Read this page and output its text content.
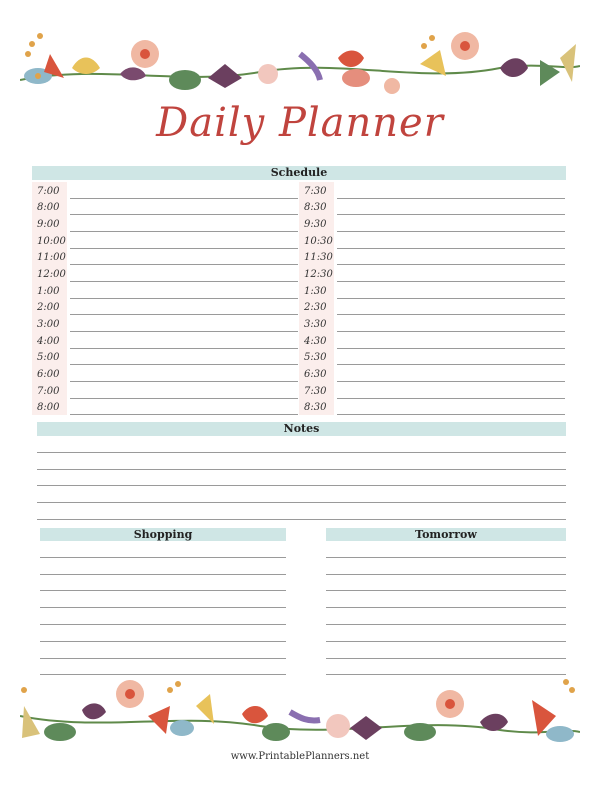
Daily Planner
Schedule
7:00
8:00
9:00
10:00
11:00
12:00
1:00
2:00
3:00
4:00
5:00
6:00
7:00
8:00
7:30
8:30
9:30
10:30
11:30
12:30
1:30
2:30
3:30
4:30
5:30
6:30
7:30
8:30
Notes
Shopping	Tomorrow
www.PrintablePlanners.net
